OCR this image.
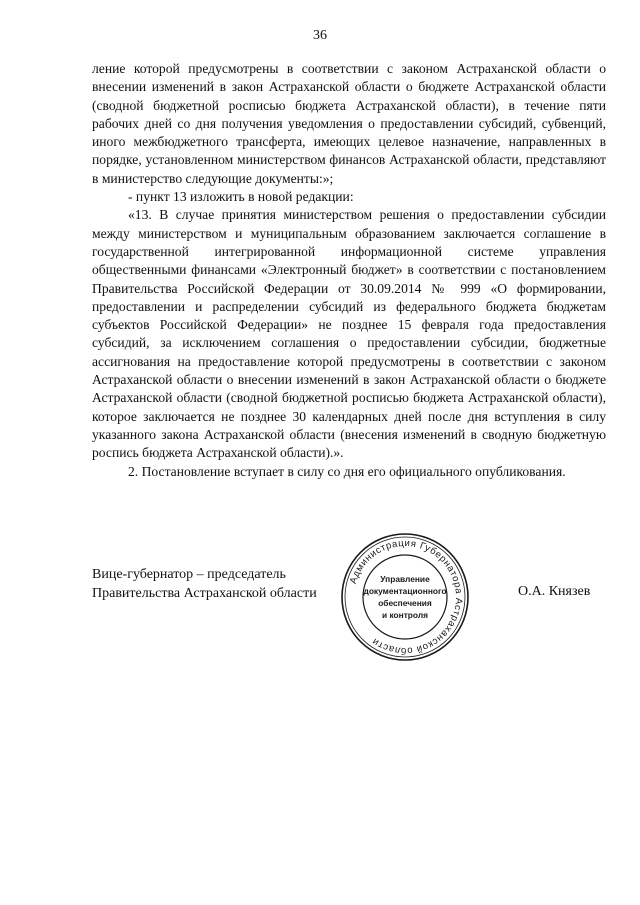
36

ление которой предусмотрены в соответствии с законом Астраханской области о внесении изменений в закон Астраханской области о бюджете Астраханской области (сводной бюджетной росписью бюджета Астраханской области), в течение пяти рабочих дней со дня получения уведомления о предоставлении субсидий, субвенций, иного межбюджетного трансферта, имеющих целевое назначение, направленных в порядке, установленном министерством финансов Астраханской области, представляют в министерство следующие документы:»;

- пункт 13 изложить в новой редакции:

«13. В случае принятия министерством решения о предоставлении субсидии между министерством и муниципальным образованием заключается соглашение в государственной интегрированной информационной системе управления общественными финансами «Электронный бюджет» в соответствии с постановлением Правительства Российской Федерации от 30.09.2014 № 999 «О формировании, предоставлении и распределении субсидий из федерального бюджета бюджетам субъектов Российской Федерации» не позднее 15 февраля года предоставления субсидий, за исключением соглашения о предоставлении субсидии, бюджетные ассигнования на предоставление которой предусмотрены в соответствии с законом Астраханской области о внесении изменений в закон Астраханской области о бюджете Астраханской области (сводной бюджетной росписью бюджета Астраханской области), которое заключается не позднее 30 календарных дней после дня вступления в силу указанного закона Астраханской области (внесения изменений в сводную бюджетную роспись бюджета Астраханской области).».

2. Постановление вступает в силу со дня его официального опубликования.

Вице-губернатор – председатель
Правительства Астраханской области
Администрация Губернатора Астраханской области
Управление
документационного
обеспечения
и контроля
О.А. Князев
